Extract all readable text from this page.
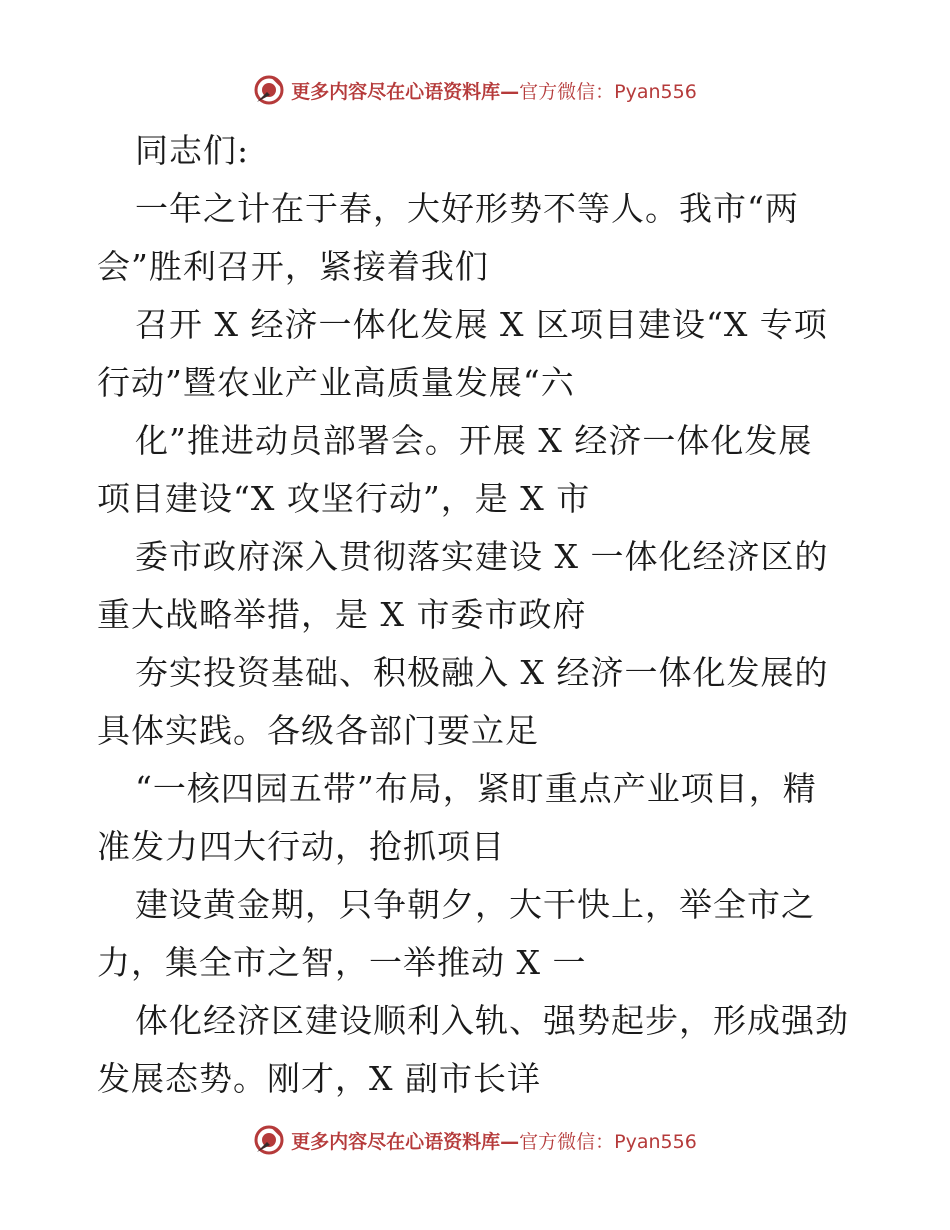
更多内容尽在心语资料库— 官方微信：Pyan556
同志们:
一年之计在于春，大好形势不等人。我市“两
会”胜利召开，紧接着我们
召开 X 经济一体化发展 X 区项目建设“X 专项
行动”暨农业产业高质量发展“六
化”推进动员部署会。开展 X 经济一体化发展
项目建设“X 攻坚行动”，是 X 市
委市政府深入贯彻落实建设 X 一体化经济区的
重大战略举措，是 X 市委市政府
夯实投资基础、积极融入 X 经济一体化发展的
具体实践。各级各部门要立足
“一核四园五带”布局，紧盯重点产业项目，精
准发力四大行动，抢抓项目
建设黄金期，只争朝夕，大干快上，举全市之
力，集全市之智，一举推动 X 一
体化经济区建设顺利入轨、强势起步，形成强劲
发展态势。刚才，X 副市长详
更多内容尽在心语资料库— 官方微信：Pyan556
